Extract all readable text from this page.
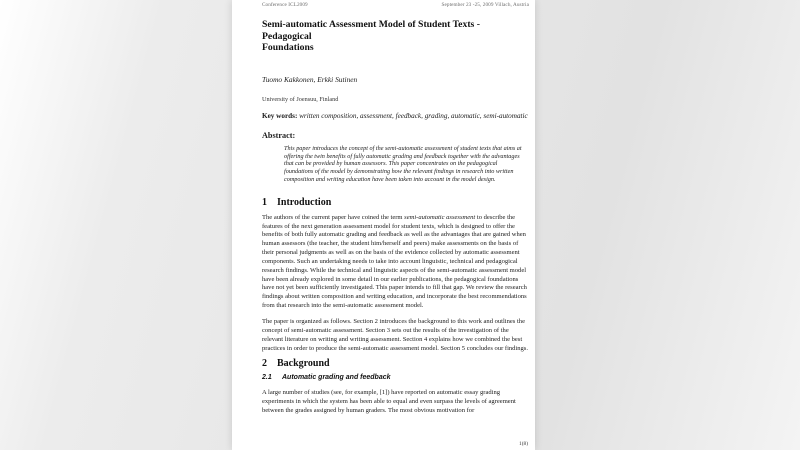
Conference ICL2009	September 23 -25, 2009 Villach, Austria
Semi-automatic Assessment Model of Student Texts - Pedagogical
Foundations
Tuomo Kakkonen, Erkki Sutinen
University of Joensuu, Finland
Key words: written composition, assessment, feedback, grading, automatic, semi-automatic
Abstract:
This paper introduces the concept of the semi-automatic assessment of student texts that aims at offering the twin benefits of fully automatic grading and feedback together with the advantages that can be provided by human assessors. This paper concentrates on the pedagogical foundations of the model by demonstrating how the relevant findings in research into written composition and writing education have been taken into account in the model design.
1 Introduction

The authors of the current paper have coined the term semi-automatic assessment to describe the features of the next generation assessment model for student texts, which is designed to offer the benefits of both fully automatic grading and feedback as well as the advantages that are gained when human assessors (the teacher, the student him/herself and peers) make assessments on the basis of their personal judgments as well as on the basis of the evidence collected by automatic assessment components. Such an undertaking needs to take into account linguistic, technical and pedagogical research findings. While the technical and linguistic aspects of the semi-automatic assessment model have been already explored in some detail in our earlier publications, the pedagogical foundations have not yet been sufficiently investigated. This paper intends to fill that gap. We review the research findings about written composition and writing education, and incorporate the best recommendations from that research into the semi-automatic assessment model.

The paper is organized as follows. Section 2 introduces the background to this work and outlines the concept of semi-automatic assessment. Section 3 sets out the results of the investigation of the relevant literature on writing and writing assessment. Section 4 explains how we combined the best practices in order to produce the semi-automatic assessment model. Section 5 concludes our findings.

2 Background
2.1 Automatic grading and feedback

A large number of studies (see, for example, [1]) have reported on automatic essay grading experiments in which the system has been able to equal and even surpass the levels of agreement between the grades assigned by human graders. The most obvious motivation for

1(8)
